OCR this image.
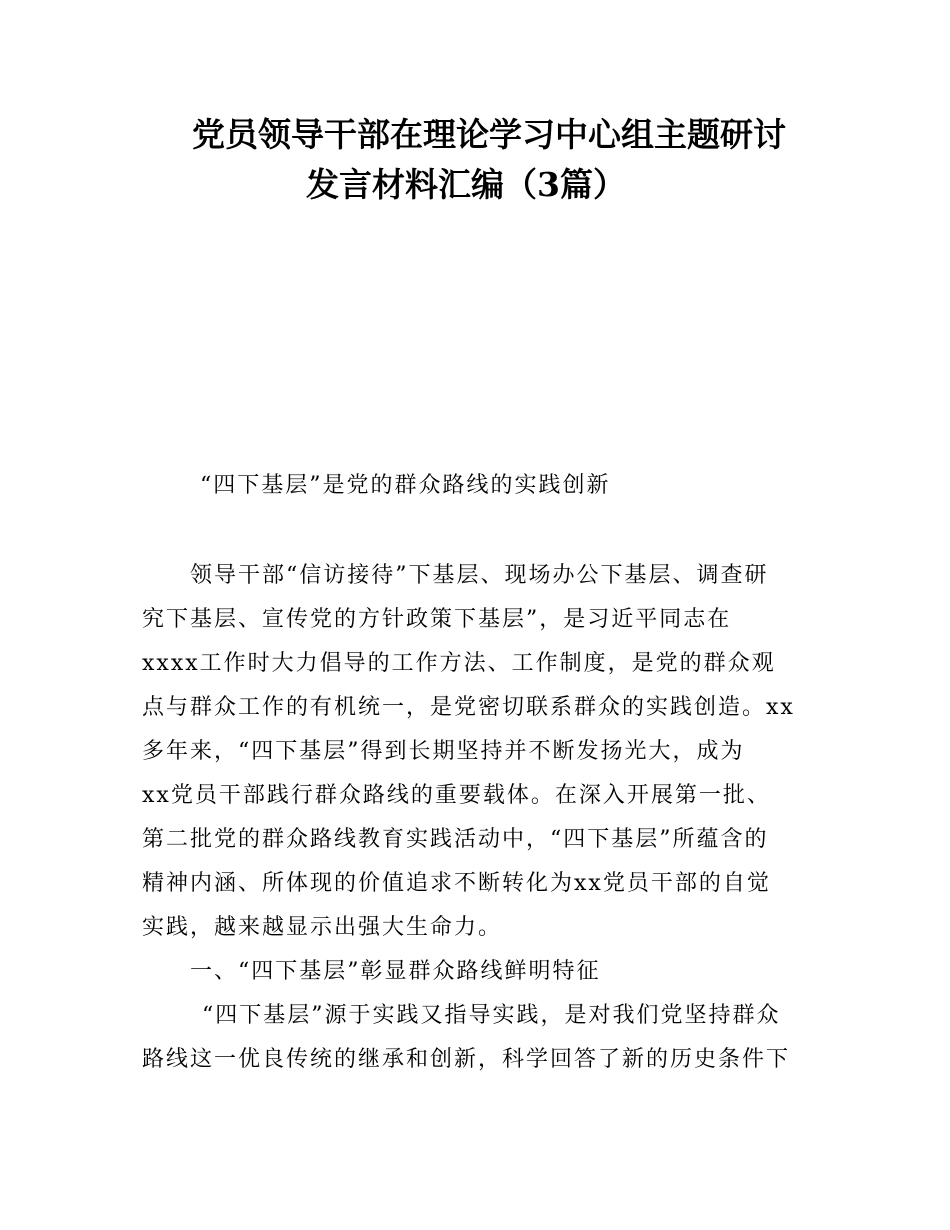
党员领导干部在理论学习中心组主题研讨
发言材料汇编（3篇）
“四下基层”是党的群众路线的实践创新
领导干部“信访接待”下基层、现场办公下基层、调查研
究下基层、宣传党的方针政策下基层”，是习近平同志在
xxxx工作时大力倡导的工作方法、工作制度，是党的群众观
点与群众工作的有机统一，是党密切联系群众的实践创造。xx
多年来，“四下基层”得到长期坚持并不断发扬光大，成为
xx党员干部践行群众路线的重要载体。在深入开展第一批、
第二批党的群众路线教育实践活动中，“四下基层”所蕴含的
精神内涵、所体现的价值追求不断转化为xx党员干部的自觉
实践，越来越显示出强大生命力。
一、“四下基层”彰显群众路线鲜明特征
“四下基层”源于实践又指导实践，是对我们党坚持群众
路线这一优良传统的继承和创新，科学回答了新的历史条件下
